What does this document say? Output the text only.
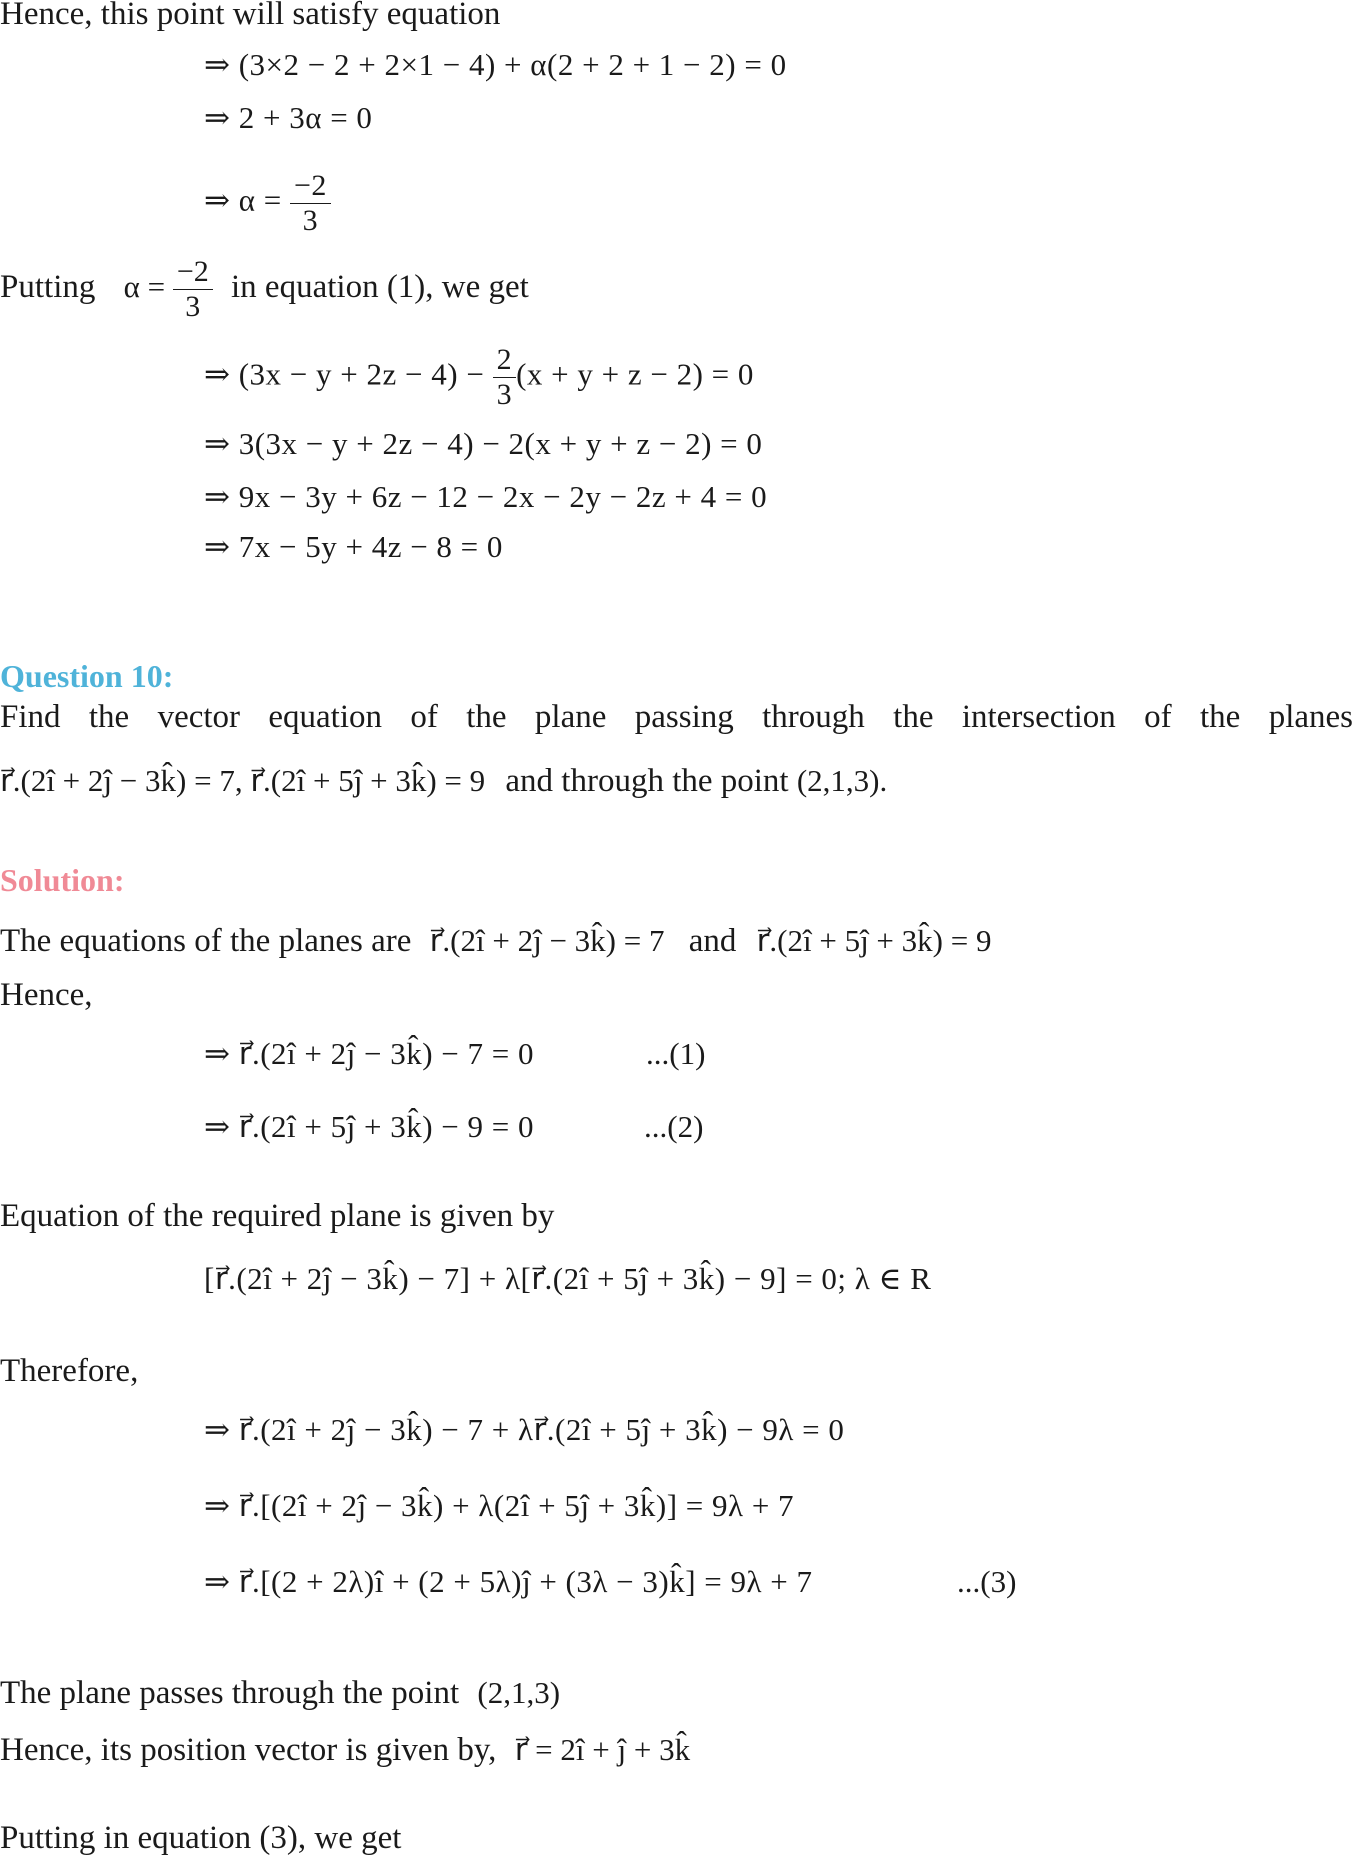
Hence, this point will satisfy equation
⇒ (3×2 − 2 + 2×1 − 4) + α(2 + 2 + 1 − 2) = 0
⇒ 2 + 3α = 0
⇒ $\alpha = \frac{-2}{3}$
Putting $\alpha = \frac{-2}{3}$ in equation (1), we get
⇒ $(3x - y + 2z - 4) - \frac{2}{3} (x + y + z - 2) = 0$
⇒ 3(3x − y + 2z − 4) − 2(x + y + z − 2) = 0
⇒ 9x − 3y + 6z − 12 − 2x − 2y − 2z + 4 = 0
⇒ 7x − 5y + 4z − 8 = 0
Question 10:
Find the vector equation of the plane passing through the intersection of the planes
r⃗.(2î + 2ĵ − 3k̂) = 7, r⃗.(2î + 5ĵ + 3k̂) = 9 and through the point (2,1,3).
Solution:
The equations of the planes are r⃗.(2î + 2ĵ − 3k̂) = 7 and r⃗.(2î + 5ĵ + 3k̂) = 9
Hence,
⇒ r⃗.(2î + 2ĵ − 3k̂) − 7 = 0	...(1)
⇒ r⃗.(2î + 5ĵ + 3k̂) − 9 = 0	...(2)
Equation of the required plane is given by
[r⃗.(2î + 2ĵ − 3k̂) − 7] + λ[r⃗.(2î + 5ĵ + 3k̂) − 9] = 0; λ ∈ R
Therefore,
⇒ r⃗.(2î + 2ĵ − 3k̂) − 7 + λr⃗.(2î + 5ĵ + 3k̂) − 9λ = 0
⇒ r⃗.[(2î + 2ĵ − 3k̂) + λ(2î + 5ĵ + 3k̂)] = 9λ + 7
⇒ r⃗.[(2 + 2λ)î + (2 + 5λ)ĵ + (3λ − 3)k̂] = 9λ + 7	...(3)
The plane passes through the point (2,1,3)
Hence, its position vector is given by, r⃗ = 2î + ĵ + 3k̂
Putting in equation (3), we get
